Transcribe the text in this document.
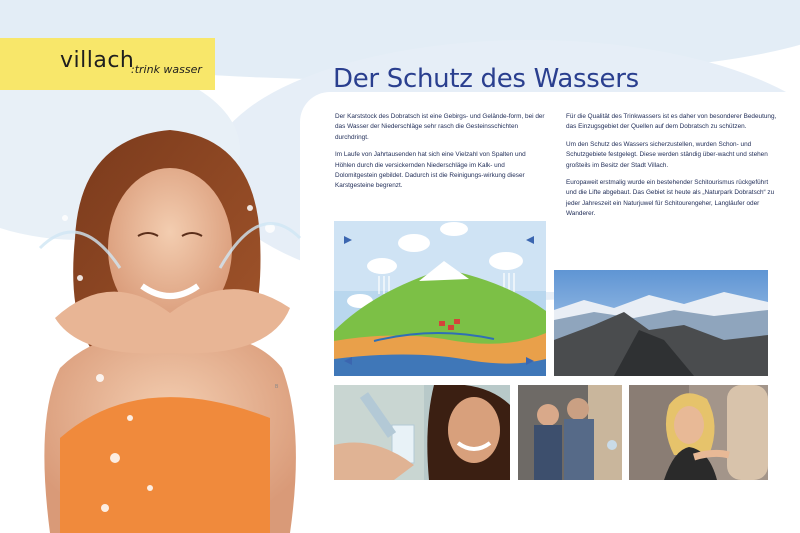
villach
:trink wasser
B
Der Schutz des Wassers

Der Karststock des Dobratsch ist eine Gebirgs- und Gelände-form, bei der das Wasser der Niederschläge sehr rasch die Gesteinsschichten durchdringt.

Im Laufe von Jahrtausenden hat sich eine Vielzahl von Spalten und Höhlen durch die versickernden Niederschläge im Kalk- und Dolomitgestein gebildet. Dadurch ist die Reinigungs-wirkung dieser Karstgesteine begrenzt.

Für die Qualität des Trinkwassers ist es daher von besonderer Bedeutung, das Einzugsgebiet der Quellen auf dem Dobratsch zu schützen.

Um den Schutz des Wassers sicherzustellen, wurden Schon- und Schutzgebiete festgelegt. Diese werden ständig über-wacht und stehen großteils im Besitz der Stadt Villach.

Europaweit erstmalig wurde ein bestehender Schitourismus rückgeführt und die Lifte abgebaut. Das Gebiet ist heute als „Naturpark Dobratsch“ zu jeder Jahreszeit ein Naturjuwel für Schitourengeher, Langläufer oder Wanderer.
